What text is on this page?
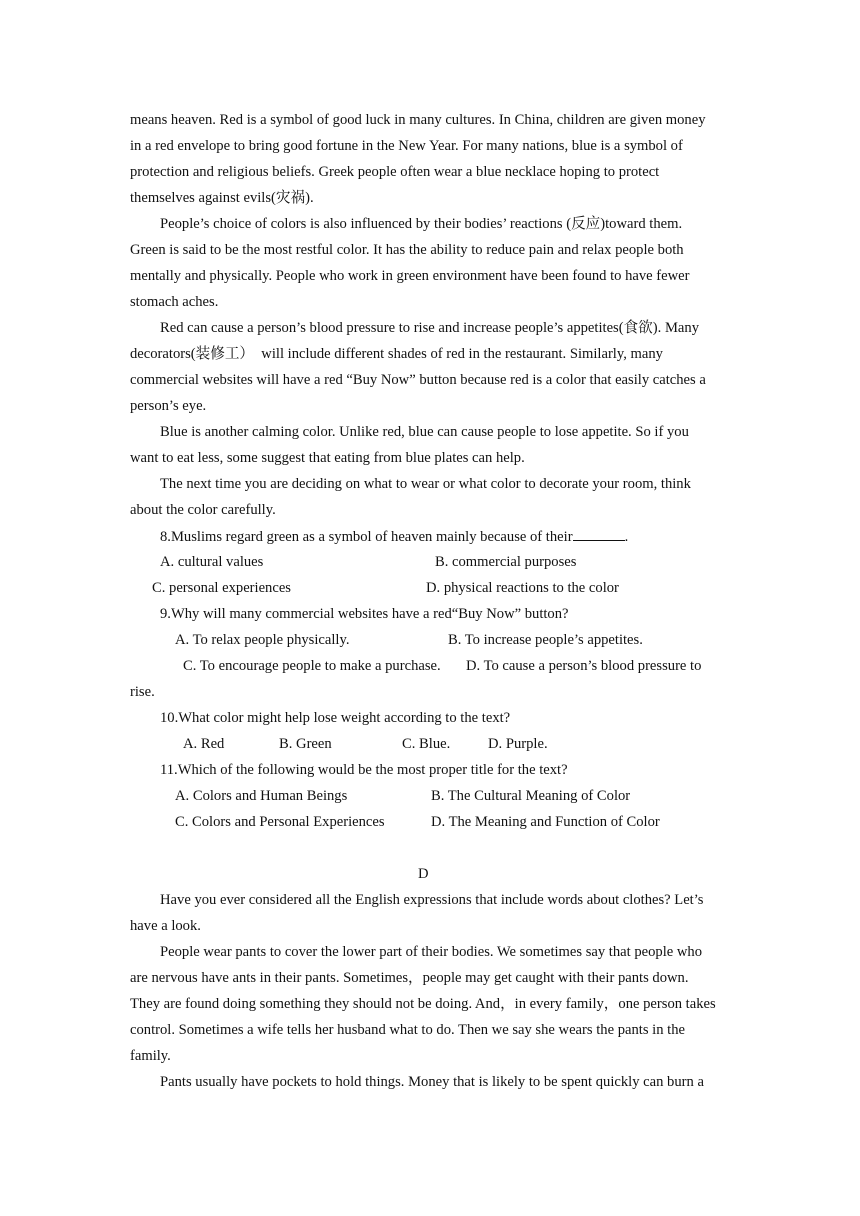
means heaven. Red is a symbol of good luck in many cultures. In China, children are given money
in a red envelope to bring good fortune in the New Year. For many nations, blue is a symbol of
protection and religious beliefs. Greek people often wear a blue necklace hoping to protect
themselves against evils(灾祸).
People’s choice of colors is also influenced by their bodies’ reactions (反应)toward them.
Green is said to be the most restful color. It has the ability to reduce pain and relax people both
mentally and physically. People who work in green environment have been found to have fewer
stomach aches.
Red can cause a person’s blood pressure to rise and increase people’s appetites(食欲). Many
decorators(装修工）  will include different shades of red in the restaurant. Similarly, many
commercial websites will have a red “Buy Now” button because red is a color that easily catches a
person’s eye.
Blue is another calming color. Unlike red, blue can cause people to lose appetite. So if you
want to eat less, some suggest that eating from blue plates can help.
The next time you are deciding on what to wear or what color to decorate your room, think
about the color carefully.
8.Muslims regard green as a symbol of heaven mainly because of their	.
A. cultural values	B. commercial purposes
C. personal experiences	D. physical reactions to the color
9.Why will many commercial websites have a red“Buy Now” button?
A. To relax people physically.	B. To increase people’s appetites.
C. To encourage people to make a purchase. D. To cause a person’s blood pressure to
rise.
10.What color might help lose weight according to the text?
A. Red	B. Green	C. Blue.	D. Purple.
11.Which of the following would be the most proper title for the text?
A. Colors and Human Beings	B. The Cultural Meaning of Color
C. Colors and Personal Experiences	D. The Meaning and Function of Color
D
Have you ever considered all the English expressions that include words about clothes? Let’s
have a look.
People wear pants to cover the lower part of their bodies. We sometimes say that people who
are nervous have ants in their pants. Sometimes，people may get caught with their pants down.
They are found doing something they should not be doing. And，in every family，one person takes
control. Sometimes a wife tells her husband what to do. Then we say she wears the pants in the
family.
Pants usually have pockets to hold things. Money that is likely to be spent quickly can burn a
